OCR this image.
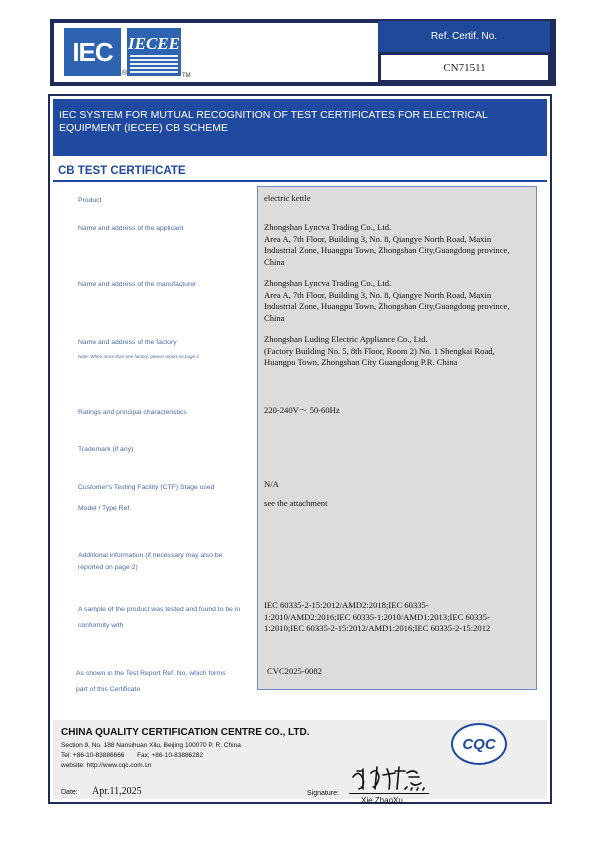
IEC
®
IECEE
TM
Ref. Certif. No.
CN71511
IEC SYSTEM FOR MUTUAL RECOGNITION OF TEST CERTIFICATES FOR ELECTRICAL EQUIPMENT (IECEE) CB SCHEME
CB TEST CERTIFICATE
Product
Name and address of the applicant
Name and address of the manufacturer
Name and address of the factory
Note: When more than one factory, please report on page 2
Ratings and principal characteristics
Trademark (if any)
Customer's Testing Facility (CTF) Stage used
Model / Type Ref.
Additional information (if necessary may also be reported on page 2)
A sample of the product was tested and found to be in conformity with
As shown in the Test Report Ref. No. which forms part of this Certificate
electric kettle
Zhongshan Lyncva Trading Co., Ltd.
Area A, 7th Floor, Building 3, No. 8, Qiangye North Road, Maxin Industrial Zone, Huangpu Town, Zhongshan City,Guangdong province, China
Zhongshan Lyncva Trading Co., Ltd.
Area A, 7th Floor, Building 3, No. 8, Qiangye North Road, Maxin Industrial Zone, Huangpu Town, Zhongshan City,Guangdong province, China
Zhongshan Luding Electric Appliance Co., Ltd.
(Factory Building No. 5, 8th Floor, Room 2) No. 1 Shengkai Road, Huangpu Town, Zhongshan City Guangdong P.R. China
220-240V～ 50-60Hz
N/A
see the attachment
IEC 60335-2-15:2012/AMD2:2018;IEC 60335-1:2010/AMD2:2016;IEC 60335-1:2010/AMD1:2013;IEC 60335-1:2010;IEC 60335-2-15:2012/AMD1:2016;IEC 60335-2-15:2012
CVC2025-0082
CHINA QUALITY CERTIFICATION CENTRE CO., LTD.
Section 9, No. 188 Nansihuan Xilu, Beijing 100070 P. R. China
Tel: +86-10-83886666       Fax: +86-10-83886282
website: http://www.cqc.com.cn
CQC
Date: Apr.11,2025	Signature:
Xie ZhaoXu
